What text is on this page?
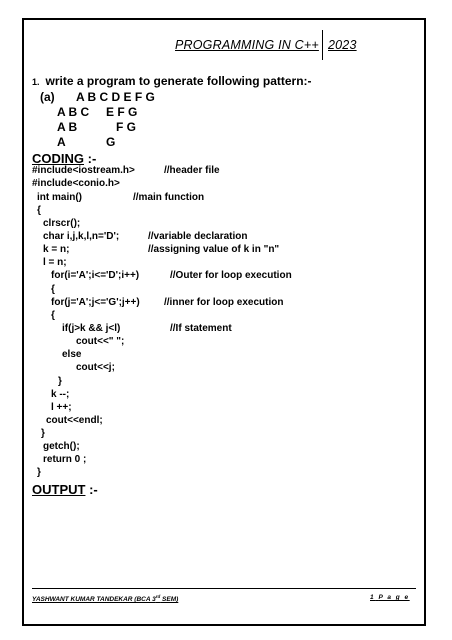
PROGRAMMING IN C++ 2023
1. write a program to generate following pattern:-
(a) A B C D E F G
A B C E F G
A B	F G
A	G
CODING :-
#include<iostream.h>
#include<conio.h>
int main()
{
clrscr();
char i,j,k,l,n='D';
k = n;
l = n;
for(i='A';i<='D';i++)
{
for(j='A';j<='G';j++)
{
if(j>k && j<l)
cout<<" ";
else
cout<<j;
}
k --;
l ++;
cout<<endl;
}
getch();
return 0 ;
}
//header file
//main function
//variable declaration
//assigning value of k in "n"
//Outer for loop execution
//inner for loop execution
//If statement
OUTPUT :-
YASHWANT KUMAR TANDEKAR (BCA 3rd SEM)	1 P a g e
